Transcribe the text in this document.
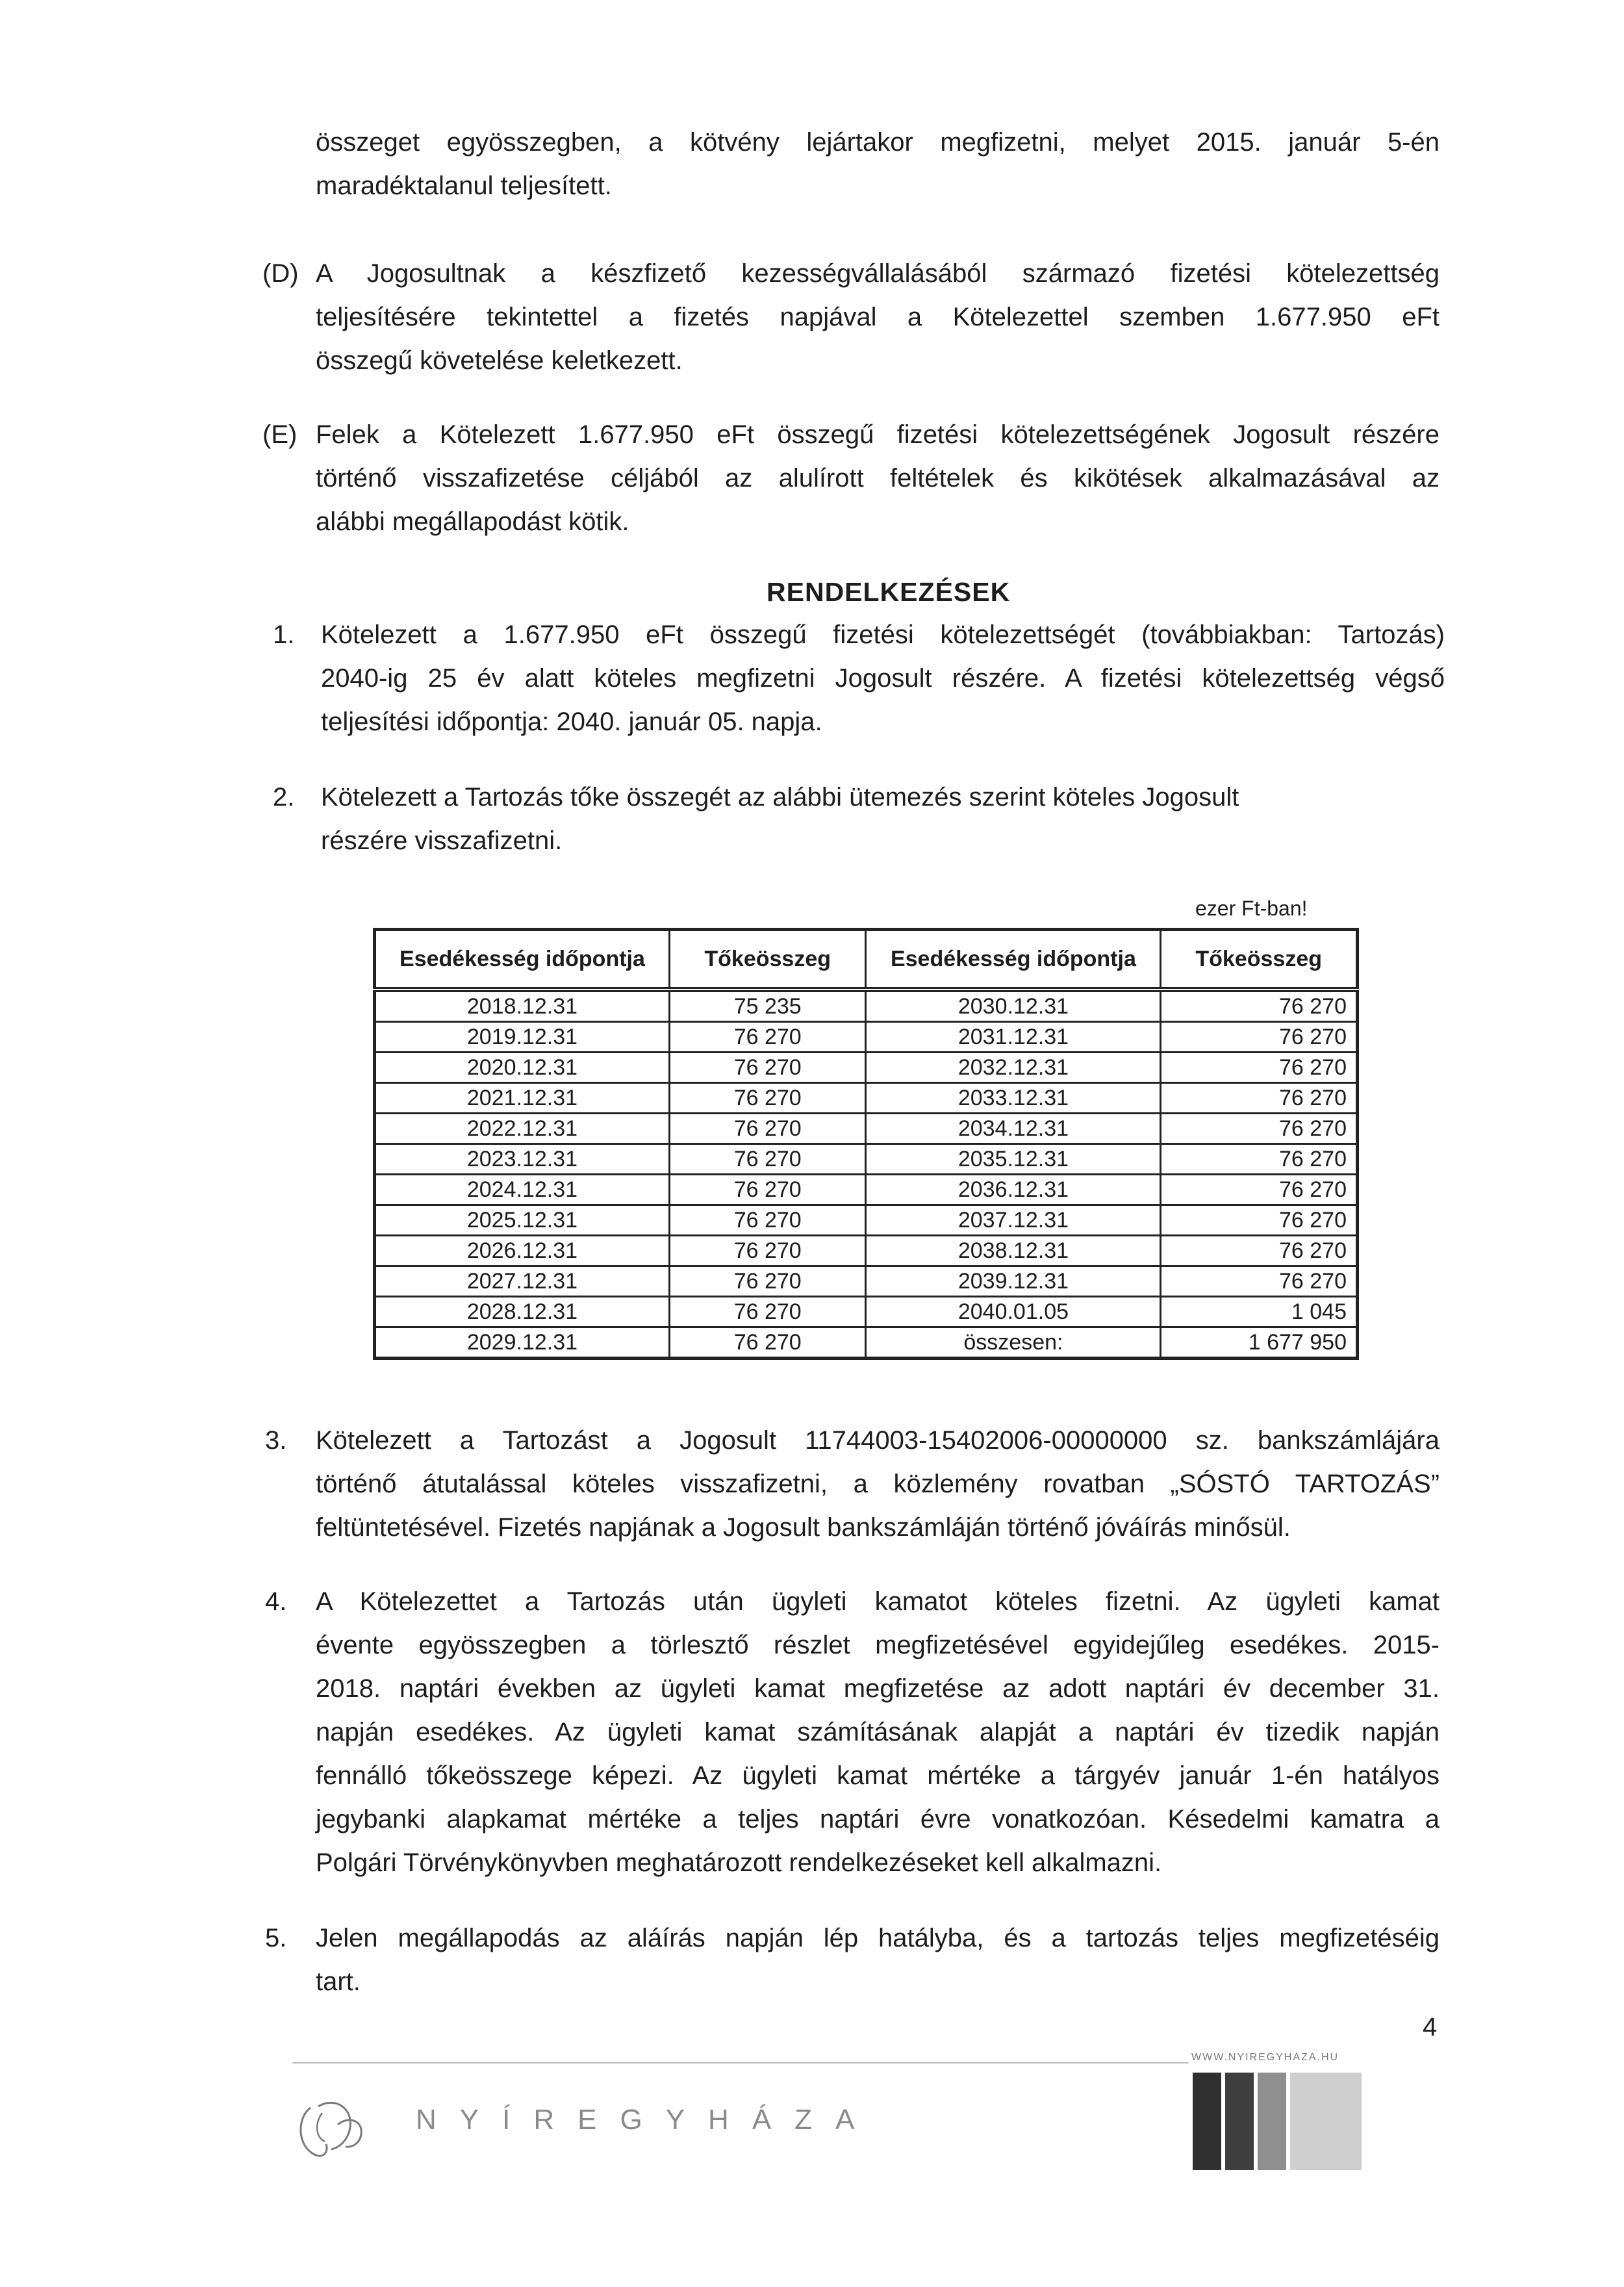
összeget egyösszegben, a kötvény lejártakor megfizetni, melyet 2015. január 5-én

maradéktalanul teljesített.

(D) A Jogosultnak a készfizető kezességvállalásából származó fizetési kötelezettség

teljesítésére tekintettel a fizetés napjával a Kötelezettel szemben 1.677.950 eFt

összegű követelése keletkezett.

(E) Felek a Kötelezett 1.677.950 eFt összegű fizetési kötelezettségének Jogosult részére

történő visszafizetése céljából az alulírott feltételek és kikötések alkalmazásával az

alábbi megállapodást kötik.

RENDELKEZÉSEK
1. Kötelezett a 1.677.950 eFt összegű fizetési kötelezettségét (továbbiakban: Tartozás)

2040-ig 25 év alatt köteles megfizetni Jogosult részére. A fizetési kötelezettség végső

teljesítési időpontja: 2040. január 05. napja.

2. Kötelezett a Tartozás tőke összegét az alábbi ütemezés szerint köteles Jogosult

részére visszafizetni.

ezer Ft-ban!
Esedékesség időpontja	Tőkeösszeg	Esedékesség időpontja	Tőkeösszeg
2018.12.31	75 235	2030.12.31	76 270
2019.12.31	76 270	2031.12.31	76 270
2020.12.31	76 270	2032.12.31	76 270
2021.12.31	76 270	2033.12.31	76 270
2022.12.31	76 270	2034.12.31	76 270
2023.12.31	76 270	2035.12.31	76 270
2024.12.31	76 270	2036.12.31	76 270
2025.12.31	76 270	2037.12.31	76 270
2026.12.31	76 270	2038.12.31	76 270
2027.12.31	76 270	2039.12.31	76 270
2028.12.31	76 270	2040.01.05	1 045
2029.12.31	76 270	összesen:	1 677 950
3. Kötelezett a Tartozást a Jogosult 11744003-15402006-00000000 sz. bankszámlájára

történő átutalással köteles visszafizetni, a közlemény rovatban „SÓSTÓ TARTOZÁS”

feltüntetésével. Fizetés napjának a Jogosult bankszámláján történő jóváírás minősül.

4. A Kötelezettet a Tartozás után ügyleti kamatot köteles fizetni. Az ügyleti kamat

évente egyösszegben a törlesztő részlet megfizetésével egyidejűleg esedékes. 2015-

2018. naptári években az ügyleti kamat megfizetése az adott naptári év december 31.

napján esedékes. Az ügyleti kamat számításának alapját a naptári év tizedik napján

fennálló tőkeösszege képezi. Az ügyleti kamat mértéke a tárgyév január 1-én hatályos

jegybanki alapkamat mértéke a teljes naptári évre vonatkozóan. Késedelmi kamatra a

Polgári Törvénykönyvben meghatározott rendelkezéseket kell alkalmazni.

5. Jelen megállapodás az aláírás napján lép hatályba, és a tartozás teljes megfizetéséig

tart.

4
WWW.NYIREGYHAZA.HU
NYÍREGYHÁZA
